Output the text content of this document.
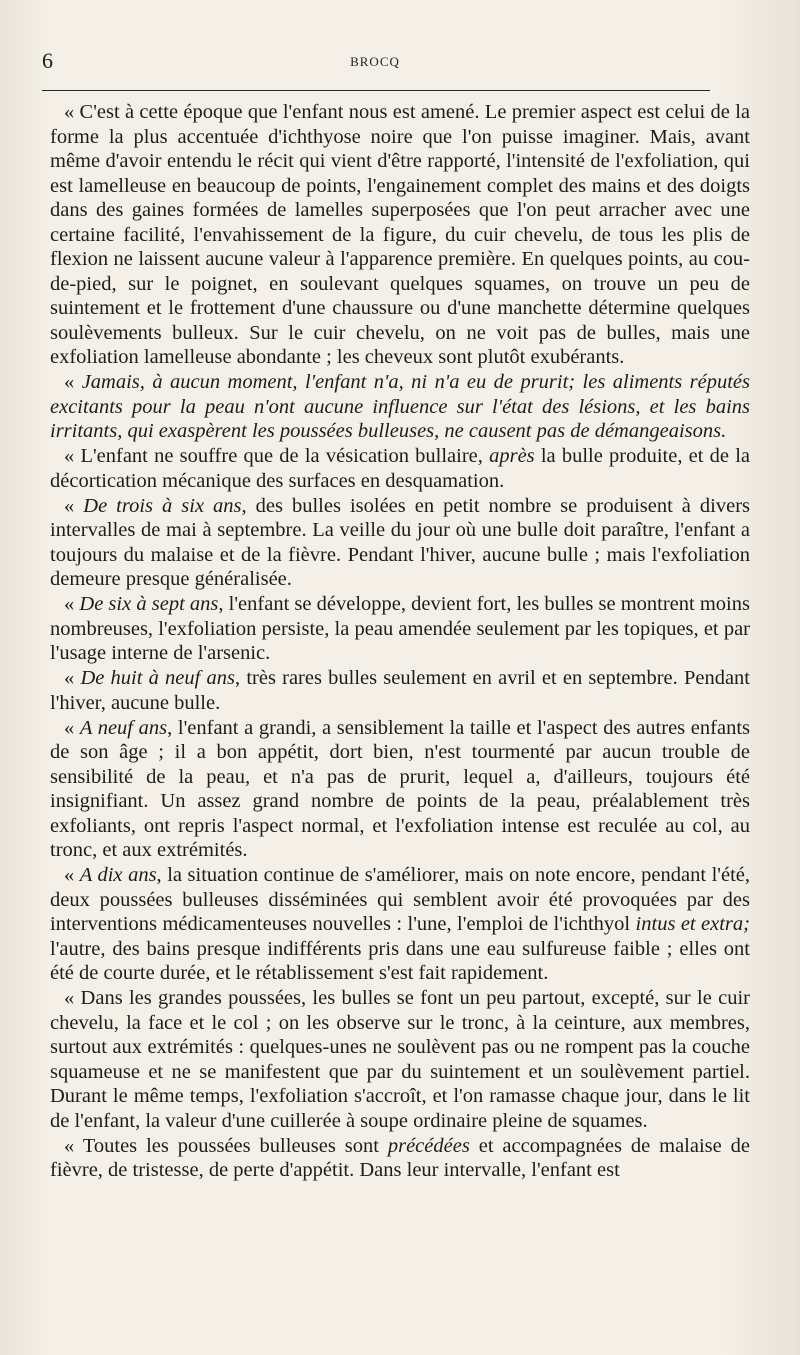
6	BROCQ

« C'est à cette époque que l'enfant nous est amené. Le premier aspect est celui de la forme la plus accentuée d'ichthyose noire que l'on puisse imaginer. Mais, avant même d'avoir entendu le récit qui vient d'être rapporté, l'intensité de l'exfoliation, qui est lamelleuse en beaucoup de points, l'engainement complet des mains et des doigts dans des gaines formées de lamelles superposées que l'on peut arracher avec une certaine facilité, l'envahissement de la figure, du cuir chevelu, de tous les plis de flexion ne laissent aucune valeur à l'apparence première. En quelques points, au cou-de-pied, sur le poignet, en soulevant quelques squames, on trouve un peu de suintement et le frottement d'une chaussure ou d'une manchette détermine quelques soulèvements bulleux. Sur le cuir chevelu, on ne voit pas de bulles, mais une exfoliation lamelleuse abondante ; les cheveux sont plutôt exubérants.

« Jamais, à aucun moment, l'enfant n'a, ni n'a eu de prurit; les aliments réputés excitants pour la peau n'ont aucune influence sur l'état des lésions, et les bains irritants, qui exaspèrent les poussées bulleuses, ne causent pas de démangeaisons.

« L'enfant ne souffre que de la vésication bullaire, après la bulle produite, et de la décortication mécanique des surfaces en desquamation.

« De trois à six ans, des bulles isolées en petit nombre se produisent à divers intervalles de mai à septembre. La veille du jour où une bulle doit paraître, l'enfant a toujours du malaise et de la fièvre. Pendant l'hiver, aucune bulle ; mais l'exfoliation demeure presque généralisée.

« De six à sept ans, l'enfant se développe, devient fort, les bulles se montrent moins nombreuses, l'exfoliation persiste, la peau amendée seulement par les topiques, et par l'usage interne de l'arsenic.

« De huit à neuf ans, très rares bulles seulement en avril et en septembre. Pendant l'hiver, aucune bulle.

« A neuf ans, l'enfant a grandi, a sensiblement la taille et l'aspect des autres enfants de son âge ; il a bon appétit, dort bien, n'est tourmenté par aucun trouble de sensibilité de la peau, et n'a pas de prurit, lequel a, d'ailleurs, toujours été insignifiant. Un assez grand nombre de points de la peau, préalablement très exfoliants, ont repris l'aspect normal, et l'exfoliation intense est reculée au col, au tronc, et aux extrémités.

« A dix ans, la situation continue de s'améliorer, mais on note encore, pendant l'été, deux poussées bulleuses disséminées qui semblent avoir été provoquées par des interventions médicamenteuses nouvelles : l'une, l'emploi de l'ichthyol intus et extra; l'autre, des bains presque indifférents pris dans une eau sulfureuse faible ; elles ont été de courte durée, et le rétablissement s'est fait rapidement.

« Dans les grandes poussées, les bulles se font un peu partout, excepté, sur le cuir chevelu, la face et le col ; on les observe sur le tronc, à la ceinture, aux membres, surtout aux extrémités : quelques-unes ne soulèvent pas ou ne rompent pas la couche squameuse et ne se manifestent que par du suintement et un soulèvement partiel. Durant le même temps, l'exfoliation s'accroît, et l'on ramasse chaque jour, dans le lit de l'enfant, la valeur d'une cuillerée à soupe ordinaire pleine de squames.

« Toutes les poussées bulleuses sont précédées et accompagnées de malaise de fièvre, de tristesse, de perte d'appétit. Dans leur intervalle, l'enfant est
